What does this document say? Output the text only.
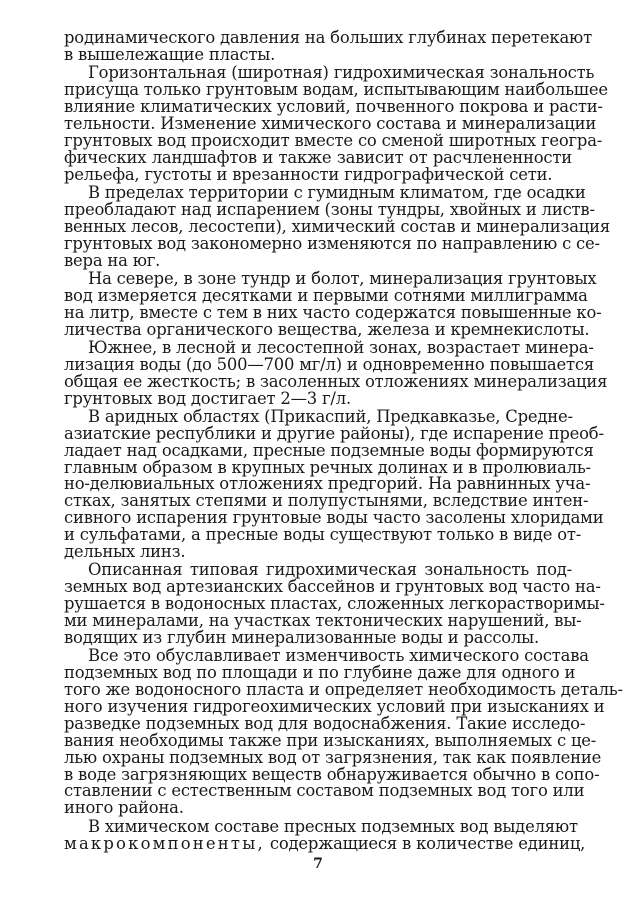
родинамического давления на больших глубинах перетекают
в вышележащие пласты.
Горизонтальная (широтная) гидрохимическая зональность
присуща только грунтовым водам, испытывающим наибольшее
влияние климатических условий, почвенного покрова и расти-
тельности. Изменение химического состава и минерализации
грунтовых вод происходит вместе со сменой широтных геогра-
фических ландшафтов и также зависит от расчлененности
рельефа, густоты и врезанности гидрографической сети.
В пределах территории с гумидным климатом, где осадки
преобладают над испарением (зоны тундры, хвойных и листв-
венных лесов, лесостепи), химический состав и минерализация
грунтовых вод закономерно изменяются по направлению с се-
вера на юг.
На севере, в зоне тундр и болот, минерализация грунтовых
вод измеряется десятками и первыми сотнями миллиграмма
на литр, вместе с тем в них часто содержатся повышенные ко-
личества органического вещества, железа и кремнекислоты.
Южнее, в лесной и лесостепной зонах, возрастает минера-
лизация воды (до 500—700 мг/л) и одновременно повышается
общая ее жесткость; в засоленных отложениях минерализация
грунтовых вод достигает 2—3 г/л.
В аридных областях (Прикаспий, Предкавказье, Средне-
азиатские республики и другие районы), где испарение преоб-
ладает над осадками, пресные подземные воды формируются
главным образом в крупных речных долинах и в пролювиаль-
но-делювиальных отложениях предгорий. На равнинных уча-
стках, занятых степями и полупустынями, вследствие интен-
сивного испарения грунтовые воды часто засолены хлоридами
и сульфатами, а пресные воды существуют только в виде от-
дельных линз.
Описанная типовая гидрохимическая зональность под-
земных вод артезианских бассейнов и грунтовых вод часто на-
рушается в водоносных пластах, сложенных легкорастворимы-
ми минералами, на участках тектонических нарушений, вы-
водящих из глубин минерализованные воды и рассолы.
Все это обуславливает изменчивость химического состава
подземных вод по площади и по глубине даже для одного и
того же водоносного пласта и определяет необходимость деталь-
ного изучения гидрогеохимических условий при изысканиях и
разведке подземных вод для водоснабжения. Такие исследо-
вания необходимы также при изысканиях, выполняемых с це-
лью охраны подземных вод от загрязнения, так как появление
в воде загрязняющих веществ обнаруживается обычно в сопо-
ставлении с естественным составом подземных вод того или
иного района.
В химическом составе пресных подземных вод выделяют
макрокомпоненты, содержащиеся в количестве единиц,
7
